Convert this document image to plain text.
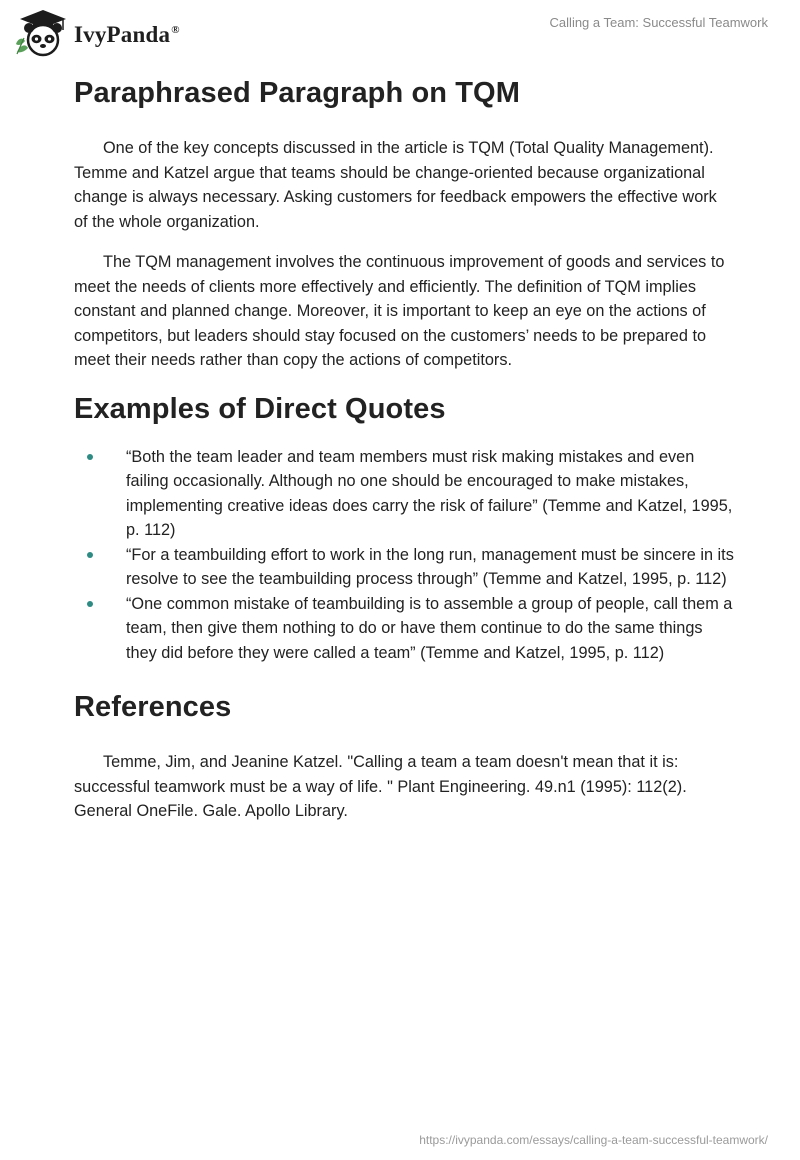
IvyPanda®	Calling a Team: Successful Teamwork
Paraphrased Paragraph on TQM

One of the key concepts discussed in the article is TQM (Total Quality Management). Temme and Katzel argue that teams should be change-oriented because organizational change is always necessary. Asking customers for feedback empowers the effective work of the whole organization.

The TQM management involves the continuous improvement of goods and services to meet the needs of clients more effectively and efficiently. The definition of TQM implies constant and planned change. Moreover, it is important to keep an eye on the actions of competitors, but leaders should stay focused on the customers’ needs to be prepared to meet their needs rather than copy the actions of competitors.

Examples of Direct Quotes
“Both the team leader and team members must risk making mistakes and even failing occasionally. Although no one should be encouraged to make mistakes, implementing creative ideas does carry the risk of failure” (Temme and Katzel, 1995, p. 112)
“For a teambuilding effort to work in the long run, management must be sincere in its resolve to see the teambuilding process through” (Temme and Katzel, 1995, p. 112)
“One common mistake of teambuilding is to assemble a group of people, call them a team, then give them nothing to do or have them continue to do the same things they did before they were called a team” (Temme and Katzel, 1995, p. 112)
References

Temme, Jim, and Jeanine Katzel. "Calling a team a team doesn't mean that it is: successful teamwork must be a way of life. " Plant Engineering. 49.n1 (1995): 112(2). General OneFile. Gale. Apollo Library.

https://ivypanda.com/essays/calling-a-team-successful-teamwork/
